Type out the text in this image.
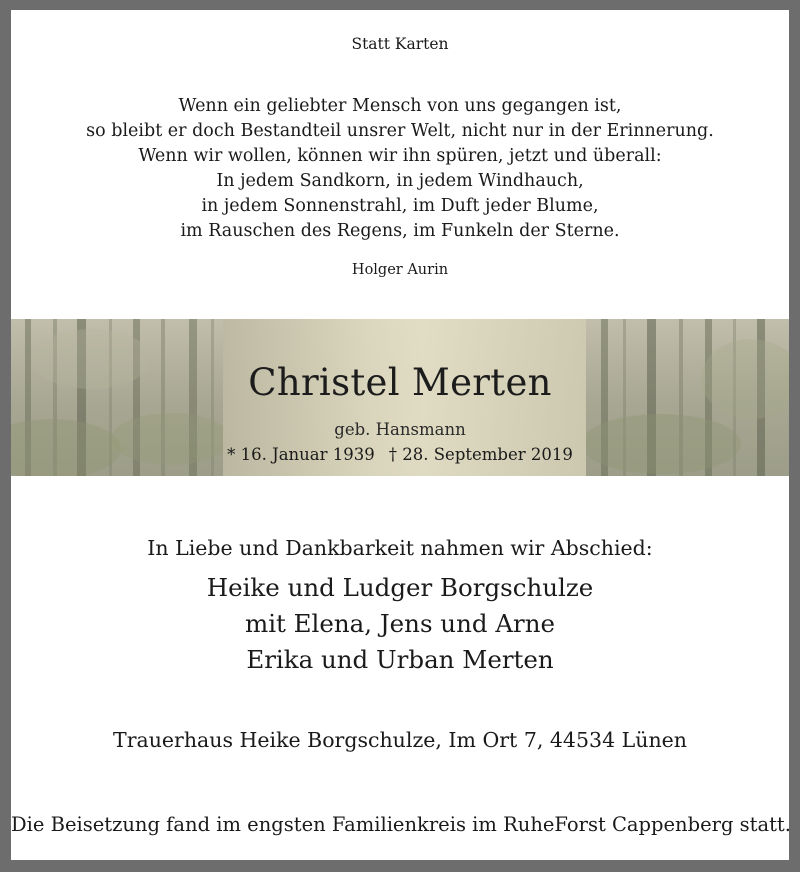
Statt Karten
Wenn ein geliebter Mensch von uns gegangen ist,
so bleibt er doch Bestandteil unsrer Welt, nicht nur in der Erinnerung.
Wenn wir wollen, können wir ihn spüren, jetzt und überall:
In jedem Sandkorn, in jedem Windhauch,
in jedem Sonnenstrahl, im Duft jeder Blume,
im Rauschen des Regens, im Funkeln der Sterne.
Holger Aurin
Christel Merten
geb. Hansmann
* 16. Januar 1939 † 28. September 2019
In Liebe und Dankbarkeit nahmen wir Abschied:
Heike und Ludger Borgschulze
mit Elena, Jens und Arne
Erika und Urban Merten
Trauerhaus Heike Borgschulze, Im Ort 7, 44534 Lünen
Die Beisetzung fand im engsten Familienkreis im RuheForst Cappenberg statt.
